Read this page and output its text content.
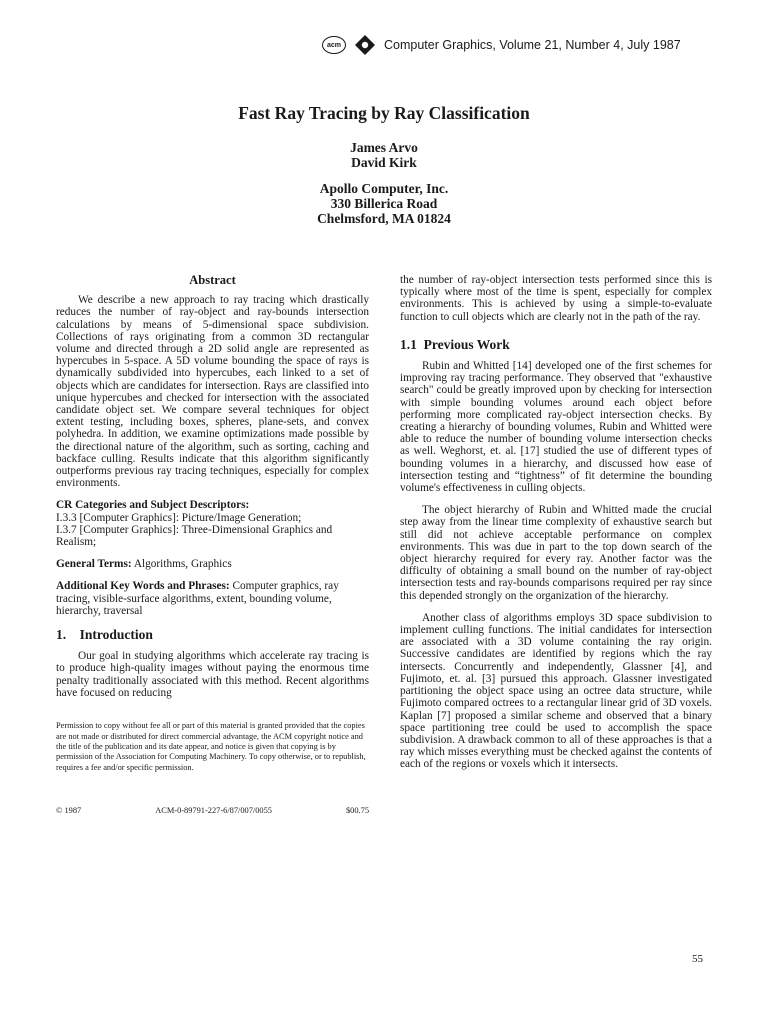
acm	Computer Graphics, Volume 21, Number 4, July 1987
Fast Ray Tracing by Ray Classification
James Arvo
David Kirk
Apollo Computer, Inc.
330 Billerica Road
Chelmsford, MA 01824
Abstract

We describe a new approach to ray tracing which drastically reduces the number of ray-object and ray-bounds intersection calculations by means of 5-dimensional space subdivision. Collections of rays originating from a common 3D rectangular volume and directed through a 2D solid angle are represented as hypercubes in 5-space. A 5D volume bounding the space of rays is dynamically subdivided into hypercubes, each linked to a set of objects which are candidates for intersection. Rays are classified into unique hypercubes and checked for intersection with the associated candidate object set. We compare several techniques for object extent testing, including boxes, spheres, plane-sets, and convex polyhedra. In addition, we examine optimizations made possible by the directional nature of the algorithm, such as sorting, caching and backface culling. Results indicate that this algorithm significantly outperforms previous ray tracing techniques, especially for complex environments.

CR Categories and Subject Descriptors:
I.3.3 [Computer Graphics]: Picture/Image Generation;
I.3.7 [Computer Graphics]: Three-Dimensional Graphics and Realism;

General Terms: Algorithms, Graphics

Additional Key Words and Phrases: Computer graphics, ray tracing, visible-surface algorithms, extent, bounding volume, hierarchy, traversal

1.    Introduction

Our goal in studying algorithms which accelerate ray tracing is to produce high-quality images without paying the enormous time penalty traditionally associated with this method. Recent algorithms have focused on reducing

Permission to copy without fee all or part of this material is granted provided that the copies are not made or distributed for direct commercial advantage, the ACM copyright notice and the title of the publication and its date appear, and notice is given that copying is by permission of the Association for Computing Machinery. To copy otherwise, or to republish, requires a fee and/or specific permission.

© 1987	ACM-0-89791-227-6/87/007/0055	$00.75

the number of ray-object intersection tests performed since this is typically where most of the time is spent, especially for complex environments. This is achieved by using a simple-to-evaluate function to cull objects which are clearly not in the path of the ray.

1.1  Previous Work

Rubin and Whitted [14] developed one of the first schemes for improving ray tracing performance. They observed that "exhaustive search" could be greatly improved upon by checking for intersection with simple bounding volumes around each object before performing more complicated ray-object intersection checks. By creating a hierarchy of bounding volumes, Rubin and Whitted were able to reduce the number of bounding volume intersection checks as well. Weghorst, et. al. [17] studied the use of different types of bounding volumes in a hierarchy, and discussed how ease of intersection testing and “tightness” of fit determine the bounding volume's effectiveness in culling objects.

The object hierarchy of Rubin and Whitted made the crucial step away from the linear time complexity of exhaustive search but still did not achieve acceptable performance on complex environments. This was due in part to the top down search of the object hierarchy required for every ray. Another factor was the difficulty of obtaining a small bound on the number of ray-object intersection tests and ray-bounds comparisons required per ray since this depended strongly on the organization of the hierarchy.

Another class of algorithms employs 3D space subdivision to implement culling functions. The initial candidates for intersection are associated with a 3D volume containing the ray origin. Successive candidates are identified by regions which the ray intersects. Concurrently and independently, Glassner [4], and Fujimoto, et. al. [3] pursued this approach. Glassner investigated partitioning the object space using an octree data structure, while Fujimoto compared octrees to a rectangular linear grid of 3D voxels. Kaplan [7] proposed a similar scheme and observed that a binary space partitioning tree could be used to accomplish the space subdivision. A drawback common to all of these approaches is that a ray which misses everything must be checked against the contents of each of the regions or voxels which it intersects.

55
